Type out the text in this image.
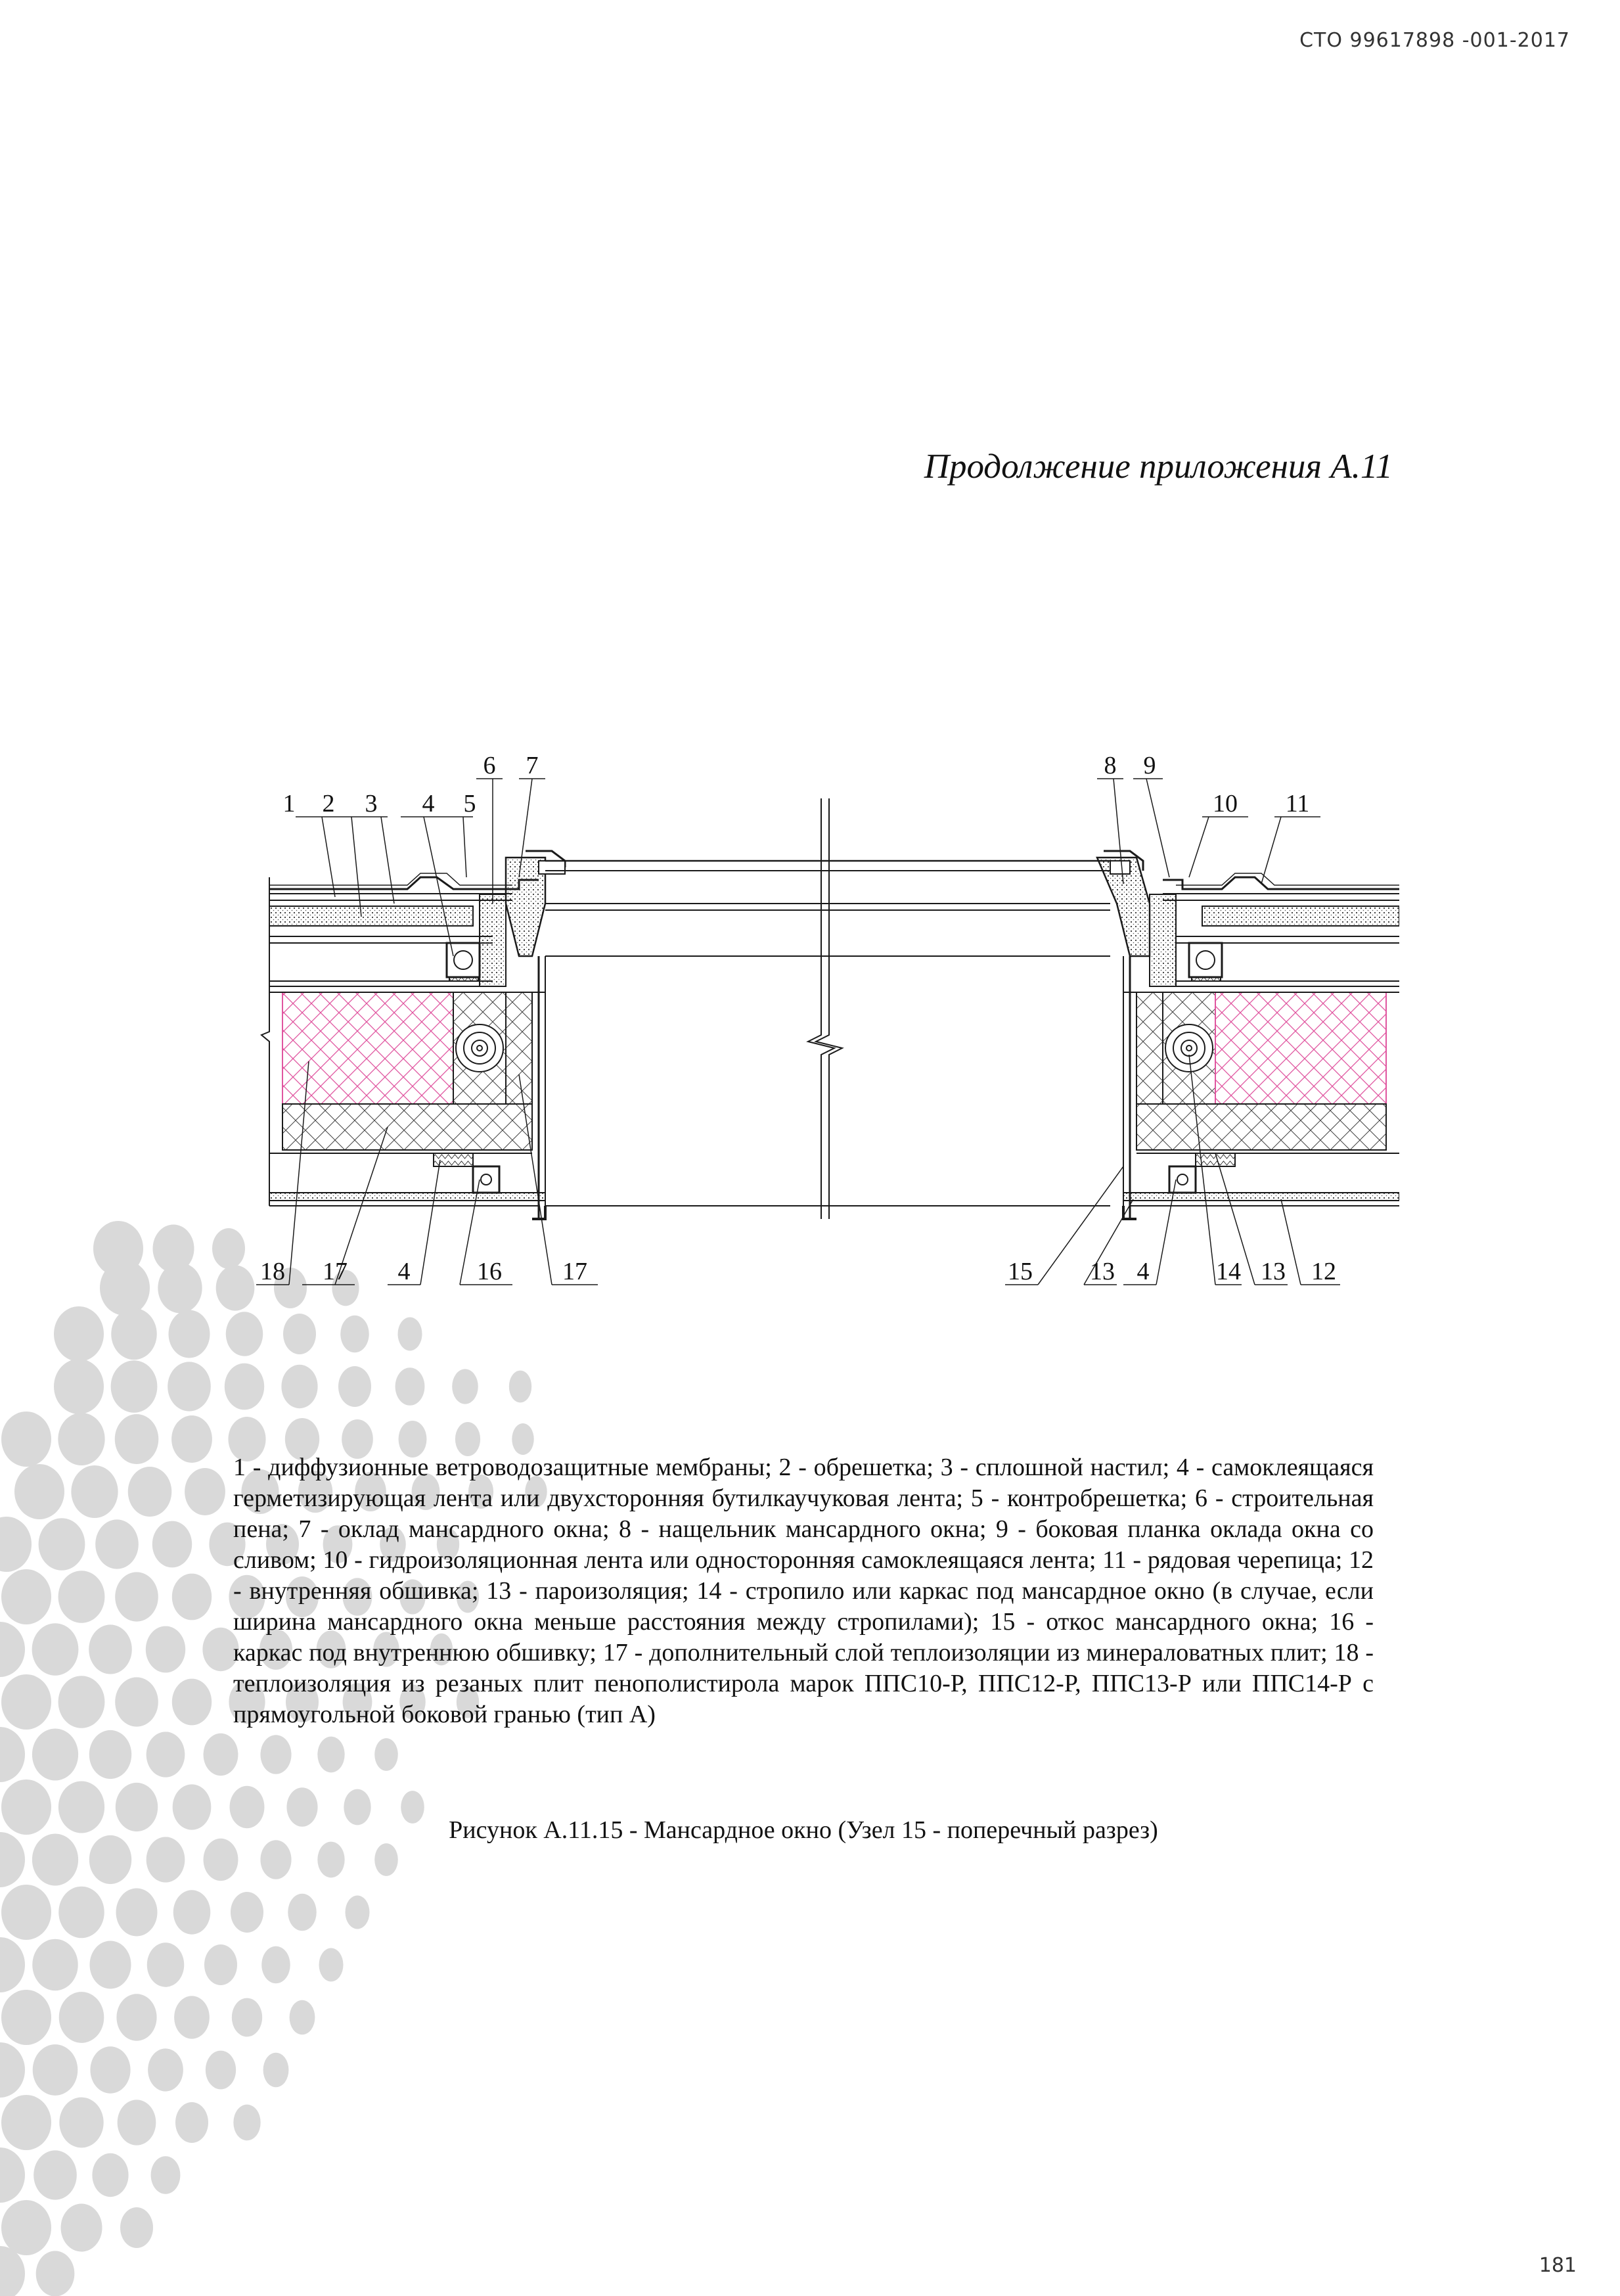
СТО 99617898 -001-2017
Продолжение приложения А.11
1 2 3 4 5
6 7	8 9
10 11
18 17 4	16 17	15 13 4	14 13 12

1 - диффузионные ветроводозащитные мембраны; 2 - обрешетка; 3 - сплошной настил; 4 - самоклеящаяся герметизирующая лента или двухсторонняя бутилкаучуковая лента; 5 - контробрешетка; 6 - строительная пена; 7 - оклад мансардного окна; 8 - нащельник мансардного окна; 9 - боковая планка оклада окна со сливом; 10 - гидроизоляционная лента или односторонняя самоклеящаяся лента; 11 - рядовая черепица; 12 - внутренняя обшивка; 13 - пароизоляция; 14 - стропило или каркас под мансардное окно (в случае, если ширина мансардного окна меньше расстояния между стропилами); 15 - откос мансардного окна; 16 - каркас под внутреннюю обшивку; 17 - дополнительный слой теплоизоляции из минераловатных плит; 18 - теплоизоляция из резаных плит пенополистирола марок ППС10-Р, ППС12-Р, ППС13-Р или ППС14-Р с прямоугольной боковой гранью (тип А)

Рисунок А.11.15 - Мансардное окно (Узел 15 - поперечный разрез)

181
